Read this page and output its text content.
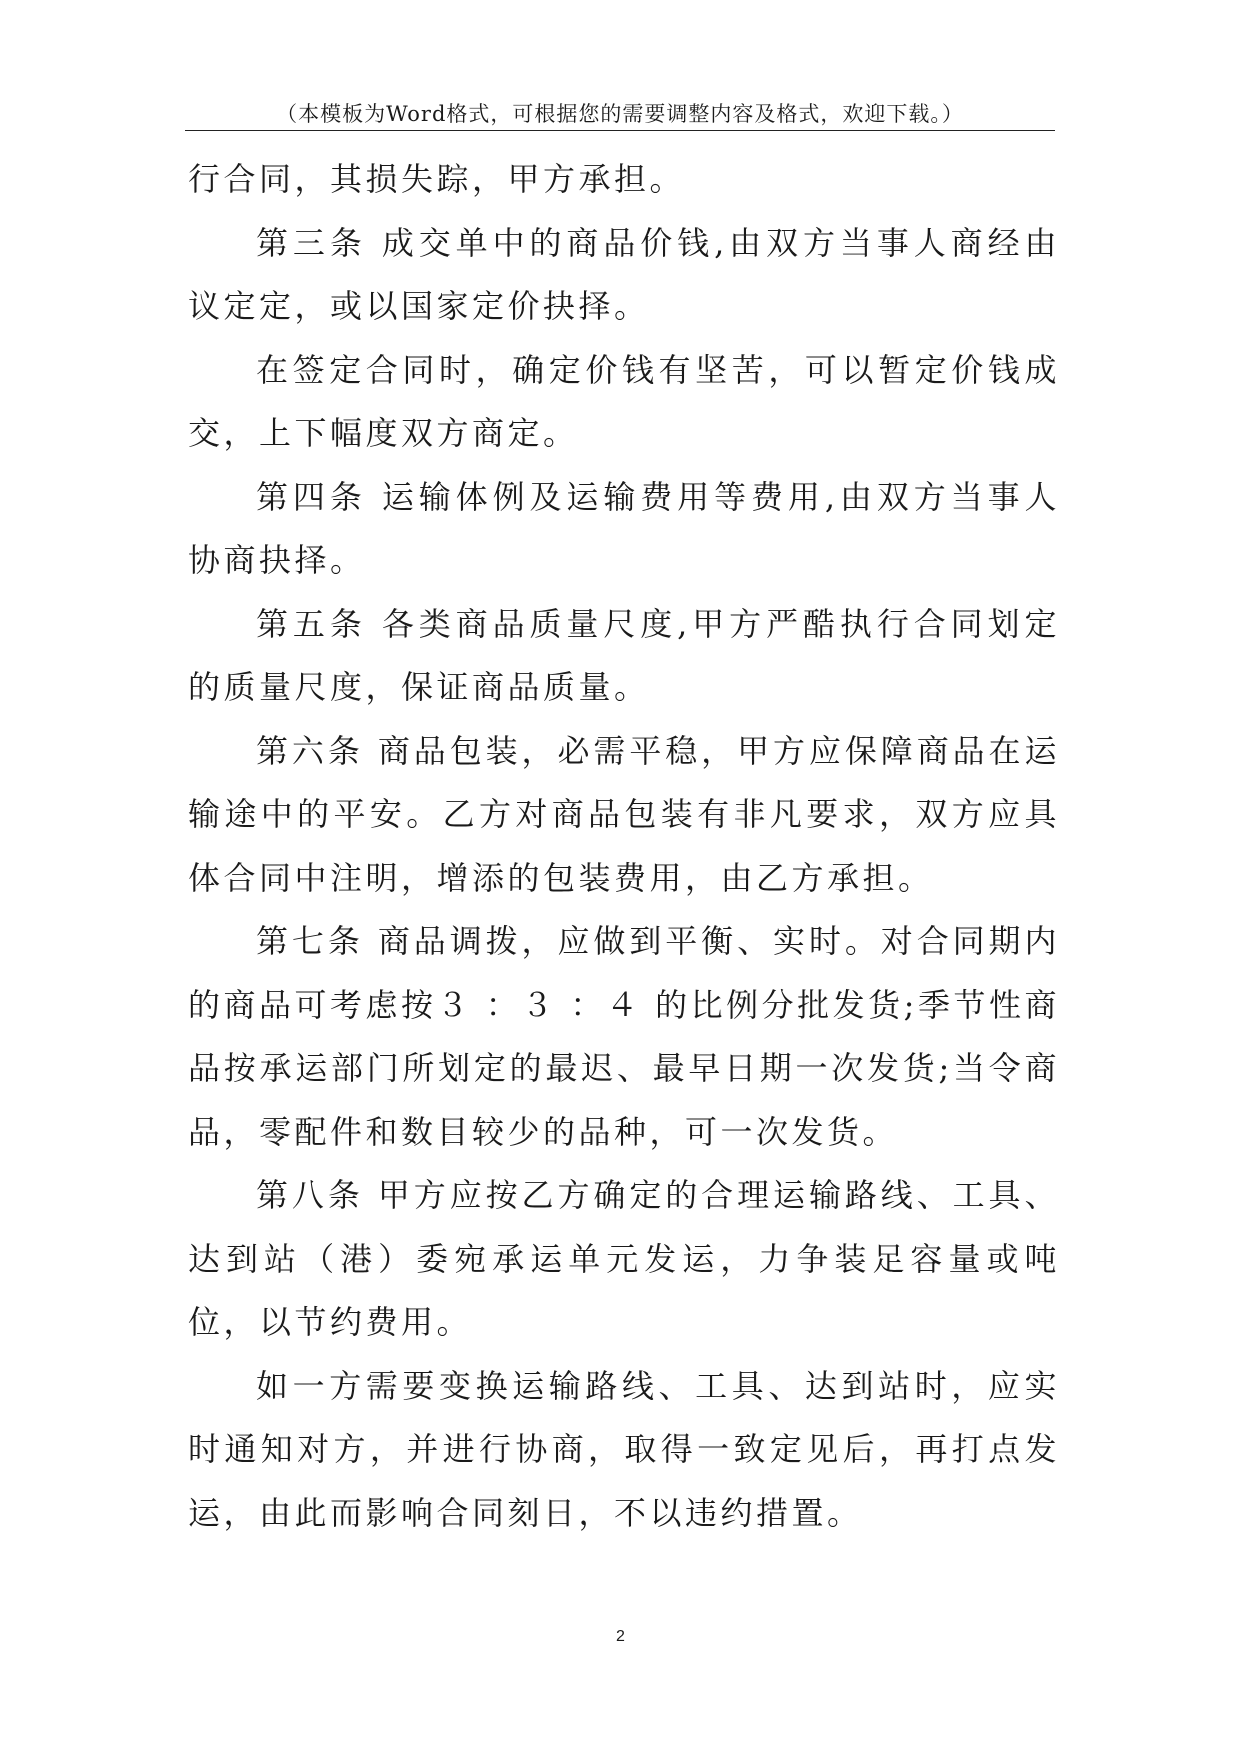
（本模板为Word格式，可根据您的需要调整内容及格式，欢迎下载。）

行合同，其损失踪，甲方承担。

第三条 成交单中的商品价钱,由双方当事人商经由议定定，或以国家定价抉择。

在签定合同时，确定价钱有坚苦，可以暂定价钱成交，上下幅度双方商定。

第四条 运输体例及运输费用等费用,由双方当事人协商抉择。

第五条 各类商品质量尺度,甲方严酷执行合同划定的质量尺度，保证商品质量。

第六条 商品包装，必需平稳，甲方应保障商品在运输途中的平安。乙方对商品包装有非凡要求，双方应具体合同中注明，增添的包装费用，由乙方承担。

第七条 商品调拨，应做到平衡、实时。对合同期内的商品可考虑按３ ：３ ：４ 的比例分批发货;季节性商品按承运部门所划定的最迟、最早日期一次发货;当令商品，零配件和数目较少的品种，可一次发货。

第八条 甲方应按乙方确定的合理运输路线、工具、达到站（港）委宛承运单元发运，力争装足容量或吨位，以节约费用。

如一方需要变换运输路线、工具、达到站时，应实时通知对方，并进行协商，取得一致定见后，再打点发运，由此而影响合同刻日，不以违约措置。

2
